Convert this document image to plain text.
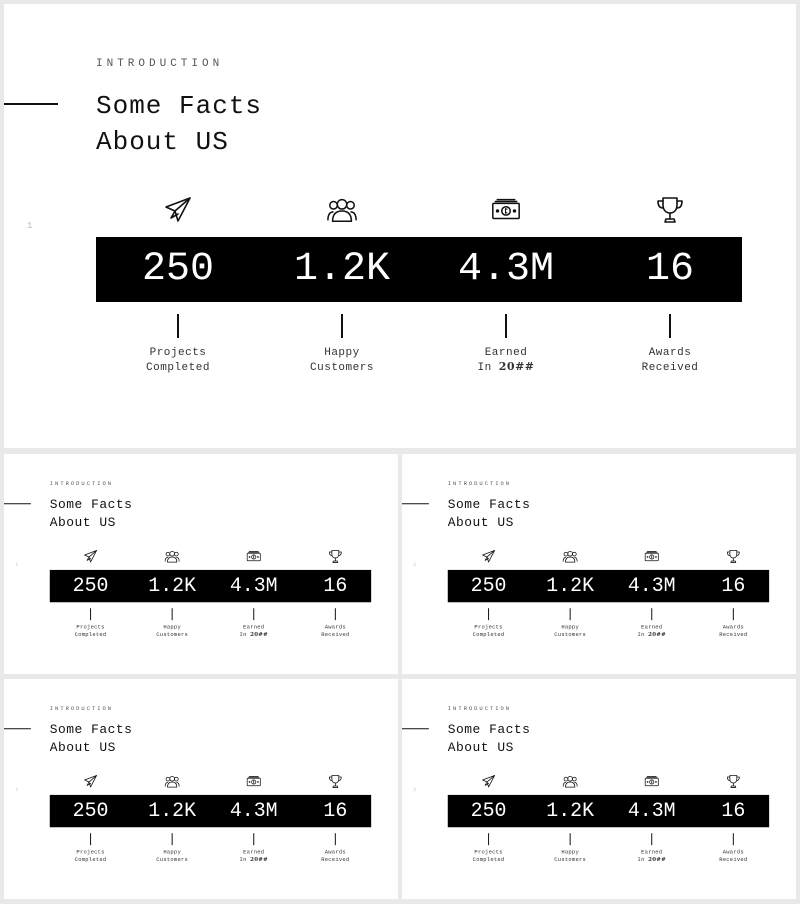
INTRODUCTION
Some Facts
About US
1
250
Projects
Completed
1.2K
Happy
Customers
4.3M
Earned
In 20##
16
Awards
Received
INTRODUCTION
Some Facts
About US
1
250
Projects
Completed
1.2K
Happy
Customers
4.3M
Earned
In 20##
16
Awards
Received
INTRODUCTION
Some Facts
About US
1
250
Projects
Completed
1.2K
Happy
Customers
4.3M
Earned
In 20##
16
Awards
Received
INTRODUCTION
Some Facts
About US
1
250
Projects
Completed
1.2K
Happy
Customers
4.3M
Earned
In 20##
16
Awards
Received
INTRODUCTION
Some Facts
About US
1
250
Projects
Completed
1.2K
Happy
Customers
4.3M
Earned
In 20##
16
Awards
Received
